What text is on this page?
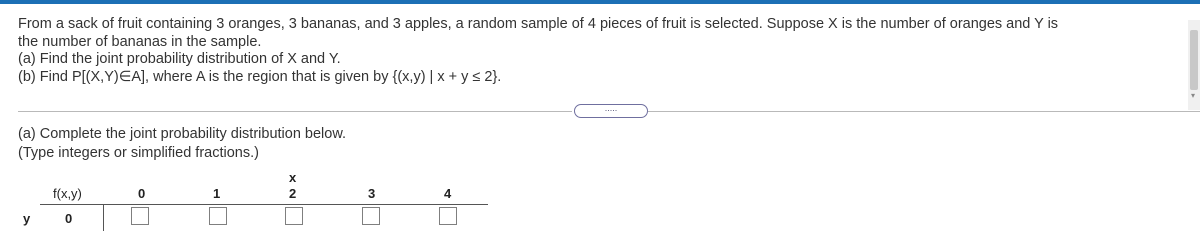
From a sack of fruit containing 3 oranges, 3 bananas, and 3 apples, a random sample of 4 pieces of fruit is selected. Suppose X is the number of oranges and Y is

the number of bananas in the sample.

(a) Find the joint probability distribution of X and Y.

(b) Find P[(X,Y)∈A], where A is the region that is given by {(x,y) | x + y ≤ 2}.

▾
.....

(a) Complete the joint probability distribution below.

(Type integers or simplified fractions.)

x
f(x,y)	0	1	2	3	4
y	0
